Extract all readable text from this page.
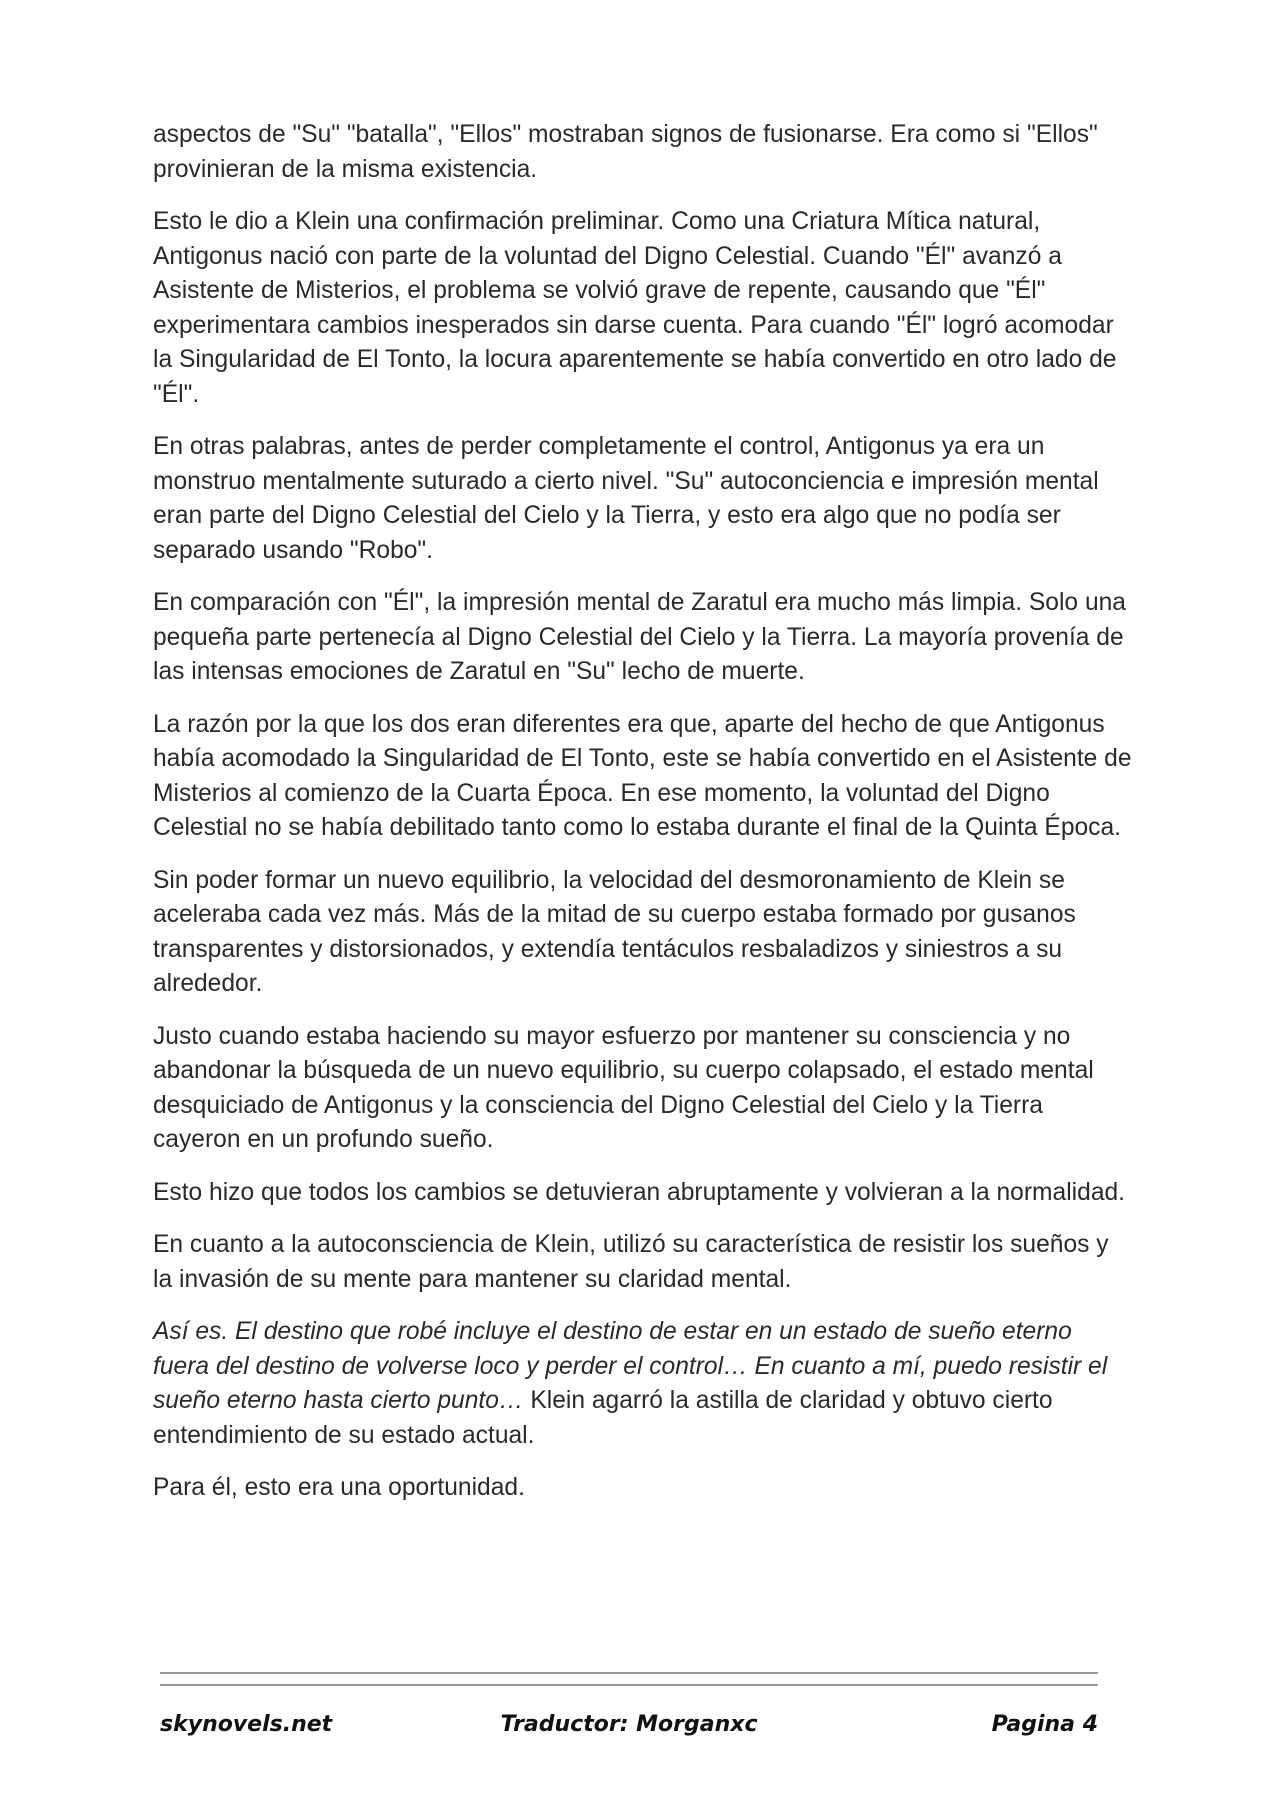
aspectos de "Su" "batalla", "Ellos" mostraban signos de fusionarse. Era como si "Ellos" provinieran de la misma existencia.

Esto le dio a Klein una confirmación preliminar. Como una Criatura Mítica natural, Antigonus nació con parte de la voluntad del Digno Celestial. Cuando "Él" avanzó a Asistente de Misterios, el problema se volvió grave de repente, causando que "Él" experimentara cambios inesperados sin darse cuenta. Para cuando "Él" logró acomodar la Singularidad de El Tonto, la locura aparentemente se había convertido en otro lado de "Él".

En otras palabras, antes de perder completamente el control, Antigonus ya era un monstruo mentalmente suturado a cierto nivel. "Su" autoconciencia e impresión mental eran parte del Digno Celestial del Cielo y la Tierra, y esto era algo que no podía ser separado usando "Robo".

En comparación con "Él", la impresión mental de Zaratul era mucho más limpia. Solo una pequeña parte pertenecía al Digno Celestial del Cielo y la Tierra. La mayoría provenía de las intensas emociones de Zaratul en "Su" lecho de muerte.

La razón por la que los dos eran diferentes era que, aparte del hecho de que Antigonus había acomodado la Singularidad de El Tonto, este se había convertido en el Asistente de Misterios al comienzo de la Cuarta Época. En ese momento, la voluntad del Digno Celestial no se había debilitado tanto como lo estaba durante el final de la Quinta Época.

Sin poder formar un nuevo equilibrio, la velocidad del desmoronamiento de Klein se aceleraba cada vez más. Más de la mitad de su cuerpo estaba formado por gusanos transparentes y distorsionados, y extendía tentáculos resbaladizos y siniestros a su alrededor.

Justo cuando estaba haciendo su mayor esfuerzo por mantener su consciencia y no abandonar la búsqueda de un nuevo equilibrio, su cuerpo colapsado, el estado mental desquiciado de Antigonus y la consciencia del Digno Celestial del Cielo y la Tierra cayeron en un profundo sueño.

Esto hizo que todos los cambios se detuvieran abruptamente y volvieran a la normalidad.

En cuanto a la autoconsciencia de Klein, utilizó su característica de resistir los sueños y la invasión de su mente para mantener su claridad mental.

Así es. El destino que robé incluye el destino de estar en un estado de sueño eterno fuera del destino de volverse loco y perder el control… En cuanto a mí, puedo resistir el sueño eterno hasta cierto punto… Klein agarró la astilla de claridad y obtuvo cierto entendimiento de su estado actual.

Para él, esto era una oportunidad.

skynovels.net	Traductor: Morganxc	Pagina 4
